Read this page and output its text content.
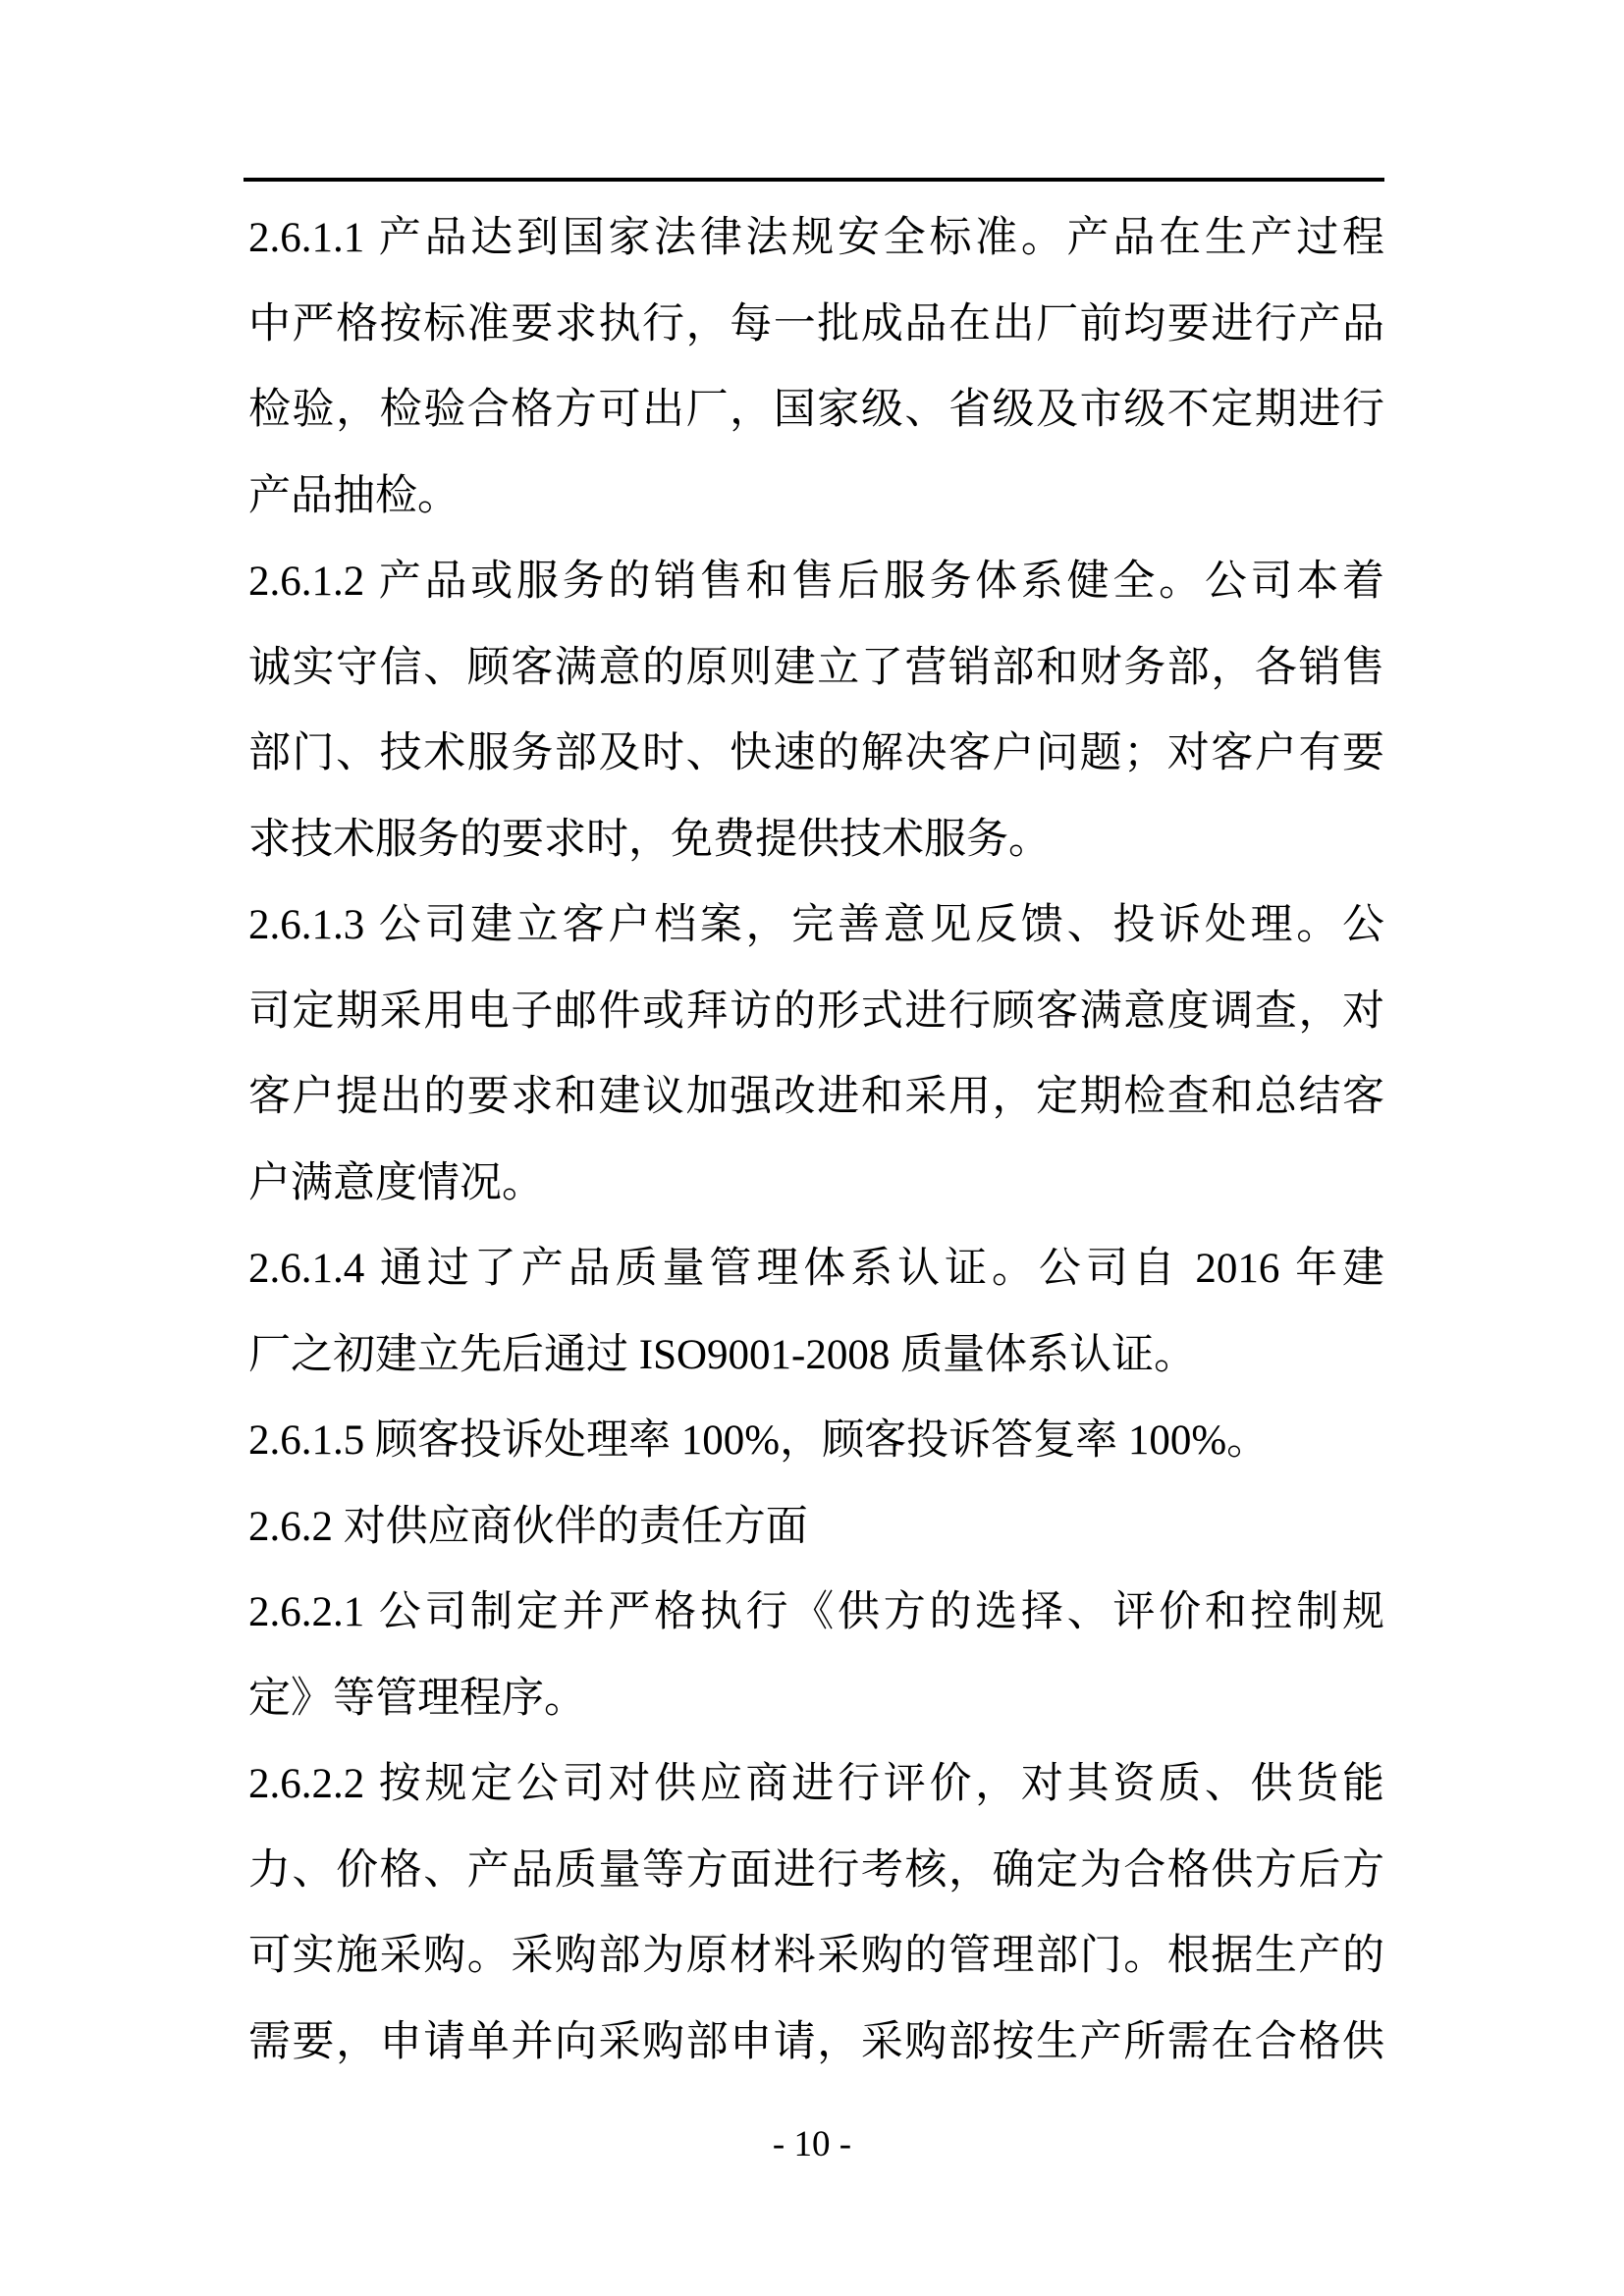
2.6.1.1 产品达到国家法律法规安全标准。产品在生产过程
中严格按标准要求执行，每一批成品在出厂前均要进行产品
检验，检验合格方可出厂，国家级、省级及市级不定期进行
产品抽检。
2.6.1.2 产品或服务的销售和售后服务体系健全。公司本着
诚实守信、顾客满意的原则建立了营销部和财务部，各销售
部门、技术服务部及时、快速的解决客户问题；对客户有要
求技术服务的要求时，免费提供技术服务。
2.6.1.3 公司建立客户档案，完善意见反馈、投诉处理。公
司定期采用电子邮件或拜访的形式进行顾客满意度调查，对
客户提出的要求和建议加强改进和采用，定期检查和总结客
户满意度情况。
2.6.1.4 通过了产品质量管理体系认证。公司自 2016 年建
厂之初建立先后通过 ISO9001-2008 质量体系认证。
2.6.1.5 顾客投诉处理率 100%，顾客投诉答复率 100%。
2.6.2 对供应商伙伴的责任方面
2.6.2.1 公司制定并严格执行《供方的选择、评价和控制规
定》等管理程序。
2.6.2.2 按规定公司对供应商进行评价，对其资质、供货能
力、价格、产品质量等方面进行考核，确定为合格供方后方
可实施采购。采购部为原材料采购的管理部门。根据生产的
需要，申请单并向采购部申请，采购部按生产所需在合格供
- 10 -
